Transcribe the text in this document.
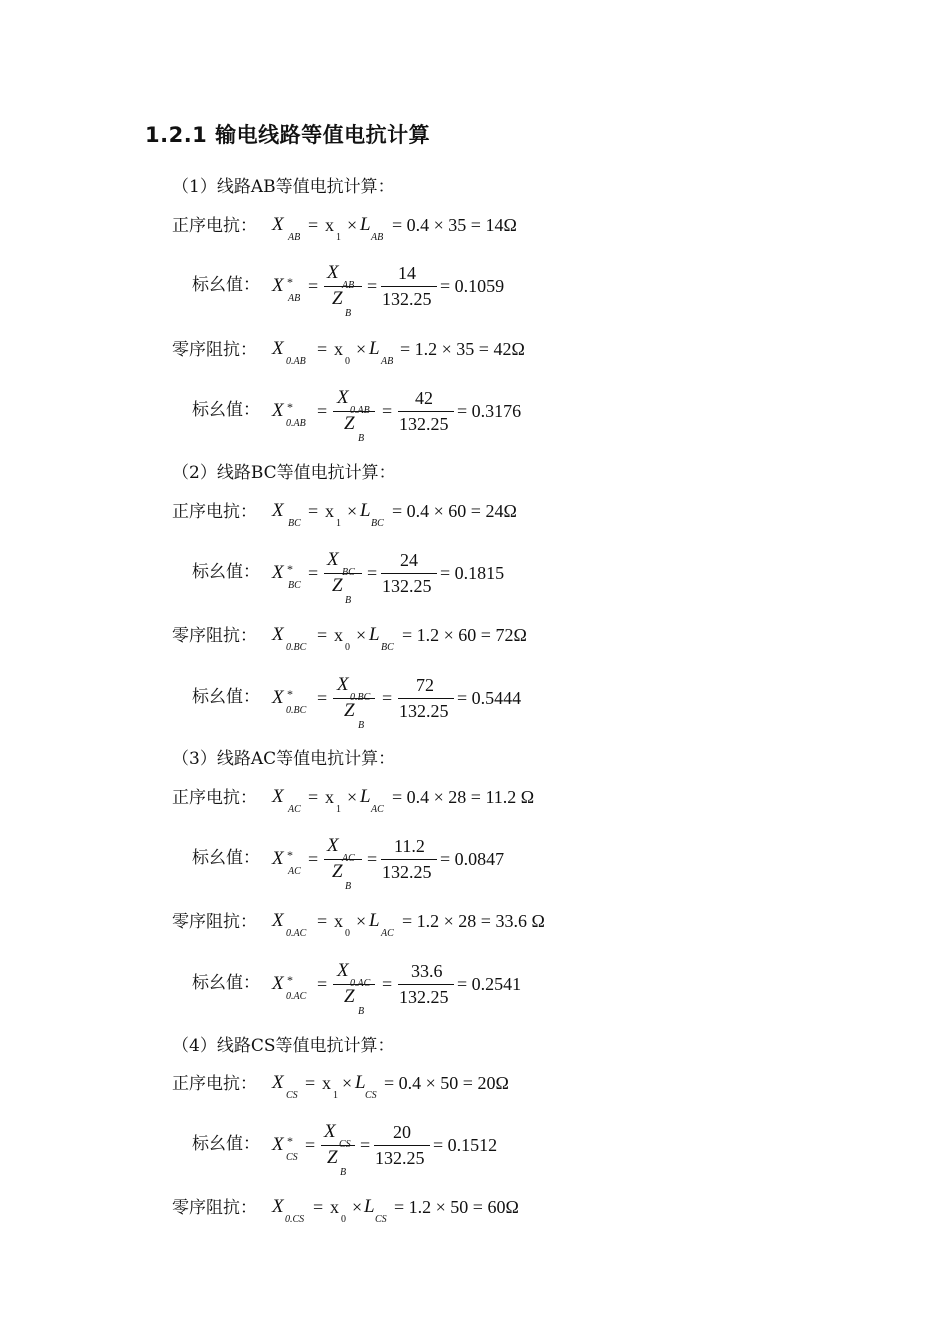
1.2.1 输电线路等值电抗计算
（1）线路AB等值电抗计算：
正序电抗： X
AB
= x
1
× L
AB
= 0.4 × 35 = 14Ω
标幺值： X *
AB
=
X
Z
B
=
14
132.25
= 0.1059
零序阻抗： X
0.AB
= x
0
× L
AB
= 1.2 × 35 = 42Ω
标幺值： X *
0.AB
=
X
Z
B
=
42
132.25
= 0.3176
（2）线路BC等值电抗计算：
正序电抗： X
BC
= x
1
× L
BC
= 0.4 × 60 = 24Ω
标幺值： X *
BC
=
X
Z
B
=
24
132.25
= 0.1815
零序阻抗： X
0.BC
= x
0
× L
BC
= 1.2 × 60 = 72Ω
标幺值： X *
0.BC
=
X
Z
B
=
72
132.25
= 0.5444
（3）线路AC等值电抗计算：
正序电抗： X
AC
= x
1
× L
AC
= 0.4 × 28 = 11.2 Ω
标幺值： X *
AC
=
X
Z
B
=
11.2
132.25
= 0.0847
零序阻抗： X
0.AC
= x
0
× L
AC
= 1.2 × 28 = 33.6 Ω
标幺值： X *
0.AC
=
X
Z
B
=
33.6
132.25
= 0.2541
（4）线路CS等值电抗计算：
正序电抗： X
CS
= x
1
× L
CS
= 0.4 × 50 = 20Ω
标幺值： X *
CS
=
X
Z
B
=
20
132.25
= 0.1512
零序阻抗： X
0.CS
= x
0
× L
CS
= 1.2 × 50 = 60Ω
